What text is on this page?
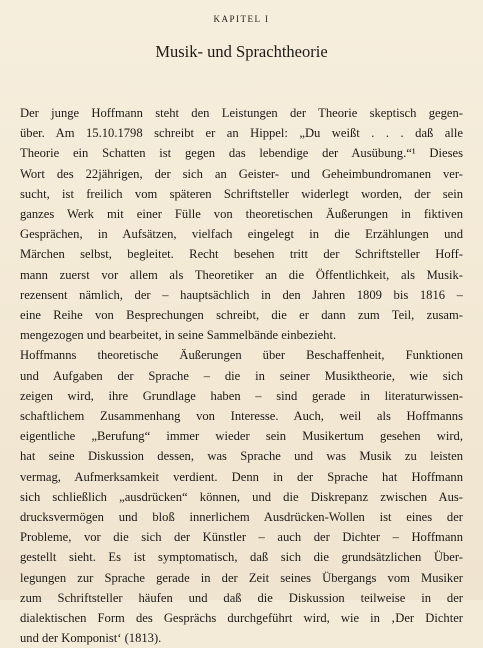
KAPITEL I
Musik- und Sprachtheorie
Der junge Hoffmann steht den Leistungen der Theorie skeptisch gegen-
über. Am 15.10.1798 schreibt er an Hippel: „Du weißt . . . daß alle
Theorie ein Schatten ist gegen das lebendige der Ausübung.“¹ Dieses
Wort des 22jährigen, der sich an Geister- und Geheimbundromanen ver-
sucht, ist freilich vom späteren Schriftsteller widerlegt worden, der sein
ganzes Werk mit einer Fülle von theoretischen Äußerungen in fiktiven
Gesprächen, in Aufsätzen, vielfach eingelegt in die Erzählungen und
Märchen selbst, begleitet. Recht besehen tritt der Schriftsteller Hoff-
mann zuerst vor allem als Theoretiker an die Öffentlichkeit, als Musik-
rezensent nämlich, der – hauptsächlich in den Jahren 1809 bis 1816 –
eine Reihe von Besprechungen schreibt, die er dann zum Teil, zusam-
mengezogen und bearbeitet, in seine Sammelbände einbezieht.
Hoffmanns theoretische Äußerungen über Beschaffenheit, Funktionen
und Aufgaben der Sprache – die in seiner Musiktheorie, wie sich
zeigen wird, ihre Grundlage haben – sind gerade in literaturwissen-
schaftlichem Zusammenhang von Interesse. Auch, weil als Hoffmanns
eigentliche „Berufung“ immer wieder sein Musikertum gesehen wird,
hat seine Diskussion dessen, was Sprache und was Musik zu leisten
vermag, Aufmerksamkeit verdient. Denn in der Sprache hat Hoffmann
sich schließlich „ausdrücken“ können, und die Diskrepanz zwischen Aus-
drucksvermögen und bloß innerlichem Ausdrücken-Wollen ist eines der
Probleme, vor die sich der Künstler – auch der Dichter – Hoffmann
gestellt sieht. Es ist symptomatisch, daß sich die grundsätzlichen Über-
legungen zur Sprache gerade in der Zeit seines Übergangs vom Musiker
zum Schriftsteller häufen und daß die Diskussion teilweise in der
dialektischen Form des Gesprächs durchgeführt wird, wie in ‚Der Dichter
und der Komponist‘ (1813).
